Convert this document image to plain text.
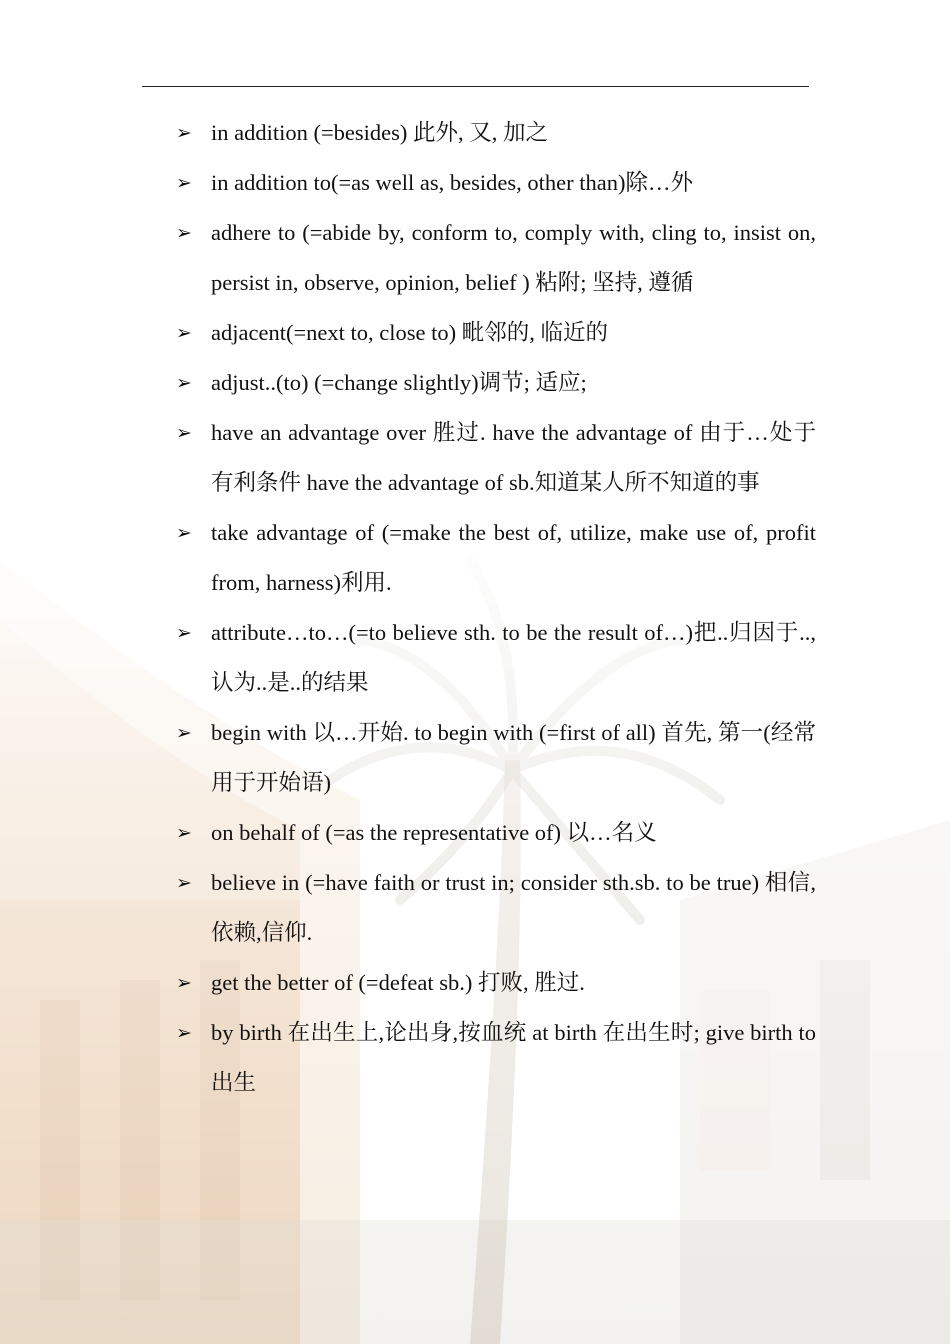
➢ in addition (=besides) 此外, 又, 加之
➢ in addition to(=as well as, besides, other than)除…外
➢ adhere to (=abide by, conform to, comply with, cling to, insist on, persist in, observe, opinion, belief ) 粘附; 坚持, 遵循
➢ adjacent(=next to, close to) 毗邻的, 临近的
➢ adjust..(to) (=change slightly)调节; 适应;
➢ have an advantage over 胜过. have the advantage of 由于…处于有利条件 have the advantage of sb.知道某人所不知道的事
➢ take advantage of (=make the best of, utilize, make use of, profit from, harness)利用.
➢ attribute…to…(=to believe sth. to be the result of…)把..归因于.., 认为..是..的结果
➢ begin with 以…开始. to begin with (=first of all) 首先, 第一(经常用于开始语)
➢ on behalf of (=as the representative of) 以…名义
➢ believe in (=have faith or trust in; consider sth.sb. to be true) 相信,依赖,信仰.
➢ get the better of (=defeat sb.) 打败, 胜过.
➢ by birth 在出生上,论出身,按血统 at birth 在出生时; give birth to 出生
